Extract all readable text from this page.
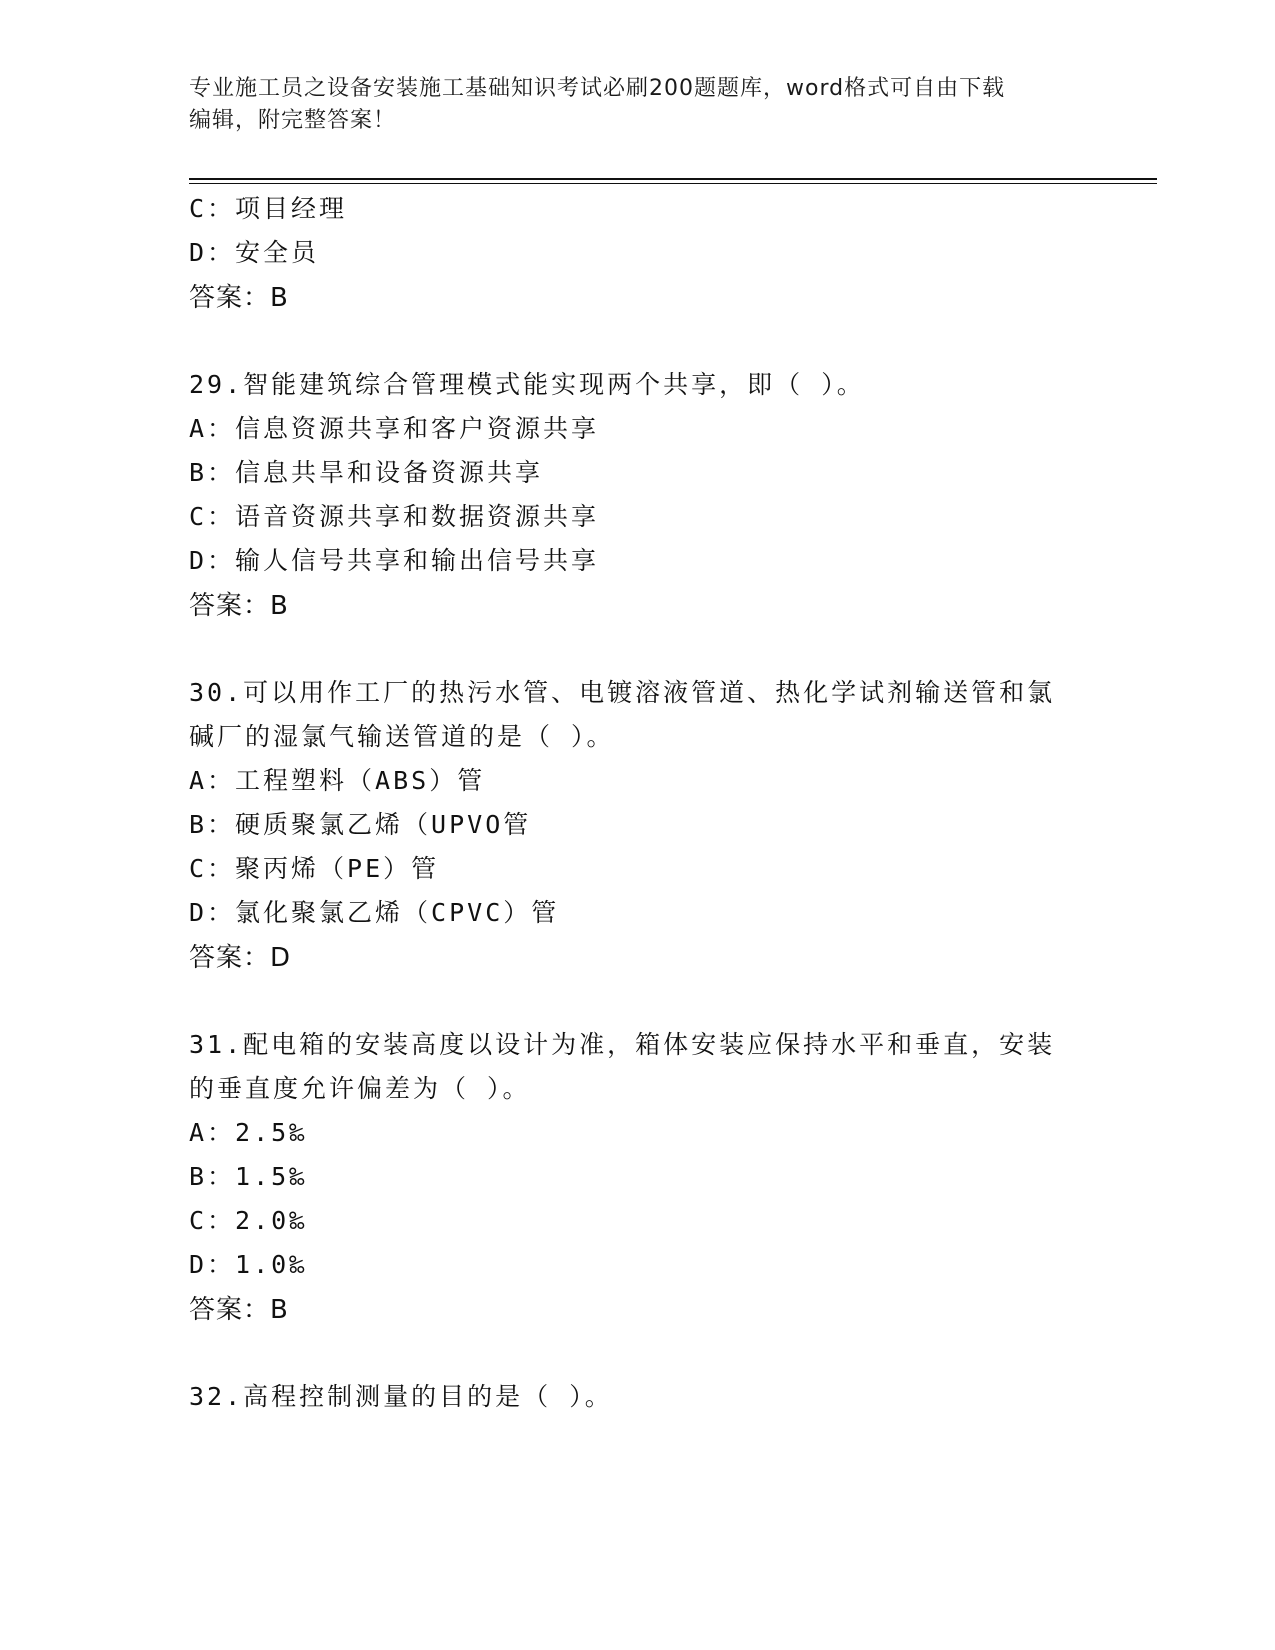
专业施工员之设备安装施工基础知识考试必刷200题题库，word格式可自由下载
编辑，附完整答案！
C：项目经理
D：安全员
答案：B
29.智能建筑综合管理模式能实现两个共享，即（ ）。
A：信息资源共享和客户资源共享
B：信息共旱和设备资源共享
C：语音资源共享和数据资源共享
D：输人信号共享和输出信号共享
答案：B
30.可以用作工厂的热污水管、电镀溶液管道、热化学试剂输送管和氯
碱厂的湿氯气输送管道的是（ ）。
A：工程塑料（ABS）管
B：硬质聚氯乙烯（UPVO管
C：聚丙烯（PE）管
D：氯化聚氯乙烯（CPVC）管
答案：D
31.配电箱的安装高度以设计为准，箱体安装应保持水平和垂直，安装
的垂直度允许偏差为（ ）。
A：2.5‰
B：1.5‰
C：2.0‰
D：1.0‰
答案：B
32.高程控制测量的目的是（ ）。
